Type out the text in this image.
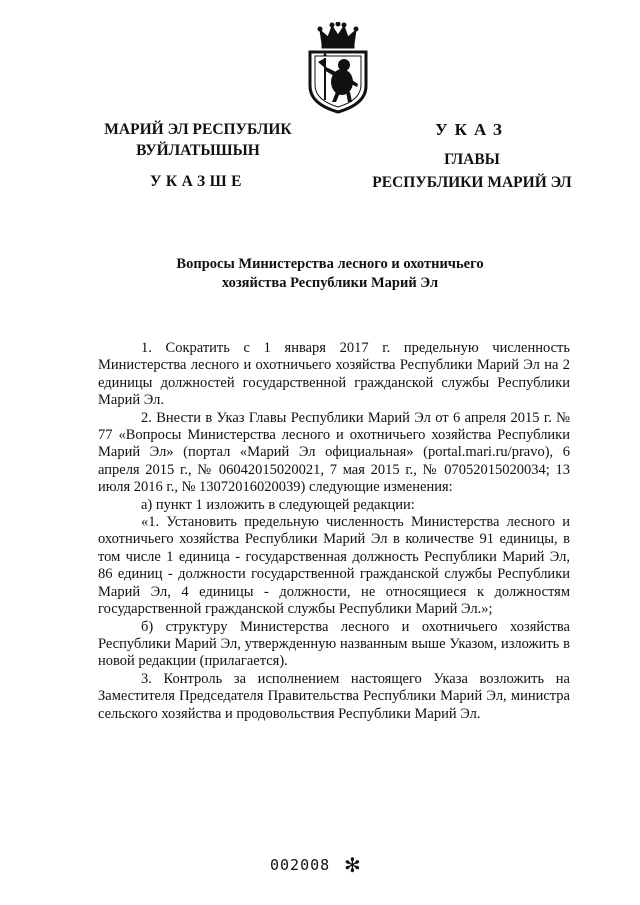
МАРИЙ ЭЛ РЕСПУБЛИК
ВУЙЛАТЫШЫН
УКАЗШЕ
УКАЗ
ГЛАВЫ
РЕСПУБЛИКИ МАРИЙ ЭЛ
Вопросы Министерства лесного и охотничьего
хозяйства Республики Марий Эл

1. Сократить с 1 января 2017 г. предельную численность Министерства лесного и охотничьего хозяйства Республики Марий Эл на 2 единицы должностей государственной гражданской службы Республики Марий Эл.

2. Внести в Указ Главы Республики Марий Эл от 6 апреля 2015 г. № 77 «Вопросы Министерства лесного и охотничьего хозяйства Республики Марий Эл» (портал «Марий Эл официальная» (portal.mari.ru/pravo), 6 апреля 2015 г., № 06042015020021, 7 мая 2015 г., № 07052015020034; 13 июля 2016 г., № 13072016020039) следующие изменения:

а) пункт 1 изложить в следующей редакции:

«1. Установить предельную численность Министерства лесного и охотничьего хозяйства Республики Марий Эл в количестве 91 единицы, в том числе 1 единица - государственная должность Республики Марий Эл, 86 единиц - должности государственной гражданской службы Республики Марий Эл, 4 единицы - должности, не относящиеся к должностям государственной гражданской службы Республики Марий Эл.»;

б) структуру Министерства лесного и охотничьего хозяйства Республики Марий Эл, утвержденную названным выше Указом, изложить в новой редакции (прилагается).

3. Контроль за исполнением настоящего Указа возложить на Заместителя Председателя Правительства Республики Марий Эл, министра сельского хозяйства и продовольствия Республики Марий Эл.

002008 ✻
